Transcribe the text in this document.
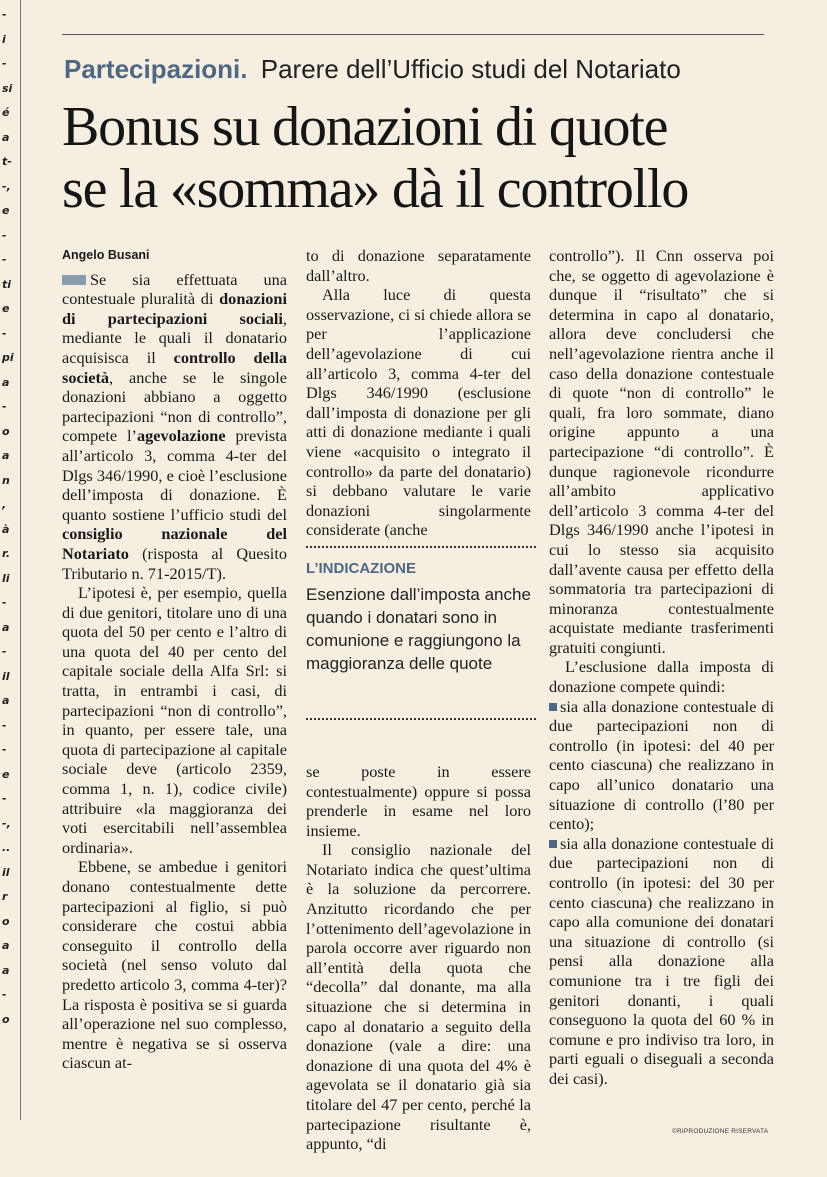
-
i
-
si
é
a
t-
-,
e
-
-
ti
e
-
pi
a
-
o
a
n
,
à
r.
li
-
a
-
il
a
-
-
e
-
-,
..
il
r
o
a
a
-
o
Partecipazioni. Parere dell’Ufficio studi del Notariato
Bonus su donazioni di quote
se la «somma» dà il controllo
Angelo Busani

Se sia effettuata una contestuale pluralità di donazioni di partecipazioni sociali, mediante le quali il donatario acquisisca il controllo della società, anche se le singole donazioni abbiano a oggetto partecipazioni “non di controllo”, compete l’agevolazione prevista all’articolo 3, comma 4-ter del Dlgs 346/1990, e cioè l’esclusione dell’imposta di donazione. È quanto sostiene l’ufficio studi del consiglio nazionale del Notariato (risposta al Quesito Tributario n. 71-2015/T).

L’ipotesi è, per esempio, quella di due genitori, titolare uno di una quota del 50 per cento e l’altro di una quota del 40 per cento del capitale sociale della Alfa Srl: si tratta, in entrambi i casi, di partecipazioni “non di controllo”, in quanto, per essere tale, una quota di partecipazione al capitale sociale deve (articolo 2359, comma 1, n. 1), codice civile) attribuire «la maggioranza dei voti esercitabili nell’assemblea ordinaria».

Ebbene, se ambedue i genitori donano contestualmente dette partecipazioni al figlio, si può considerare che costui abbia conseguito il controllo della società (nel senso voluto dal predetto articolo 3, comma 4-ter)? La risposta è positiva se si guarda all’operazione nel suo complesso, mentre è negativa se si osserva ciascun at-

to di donazione separatamente dall’altro.

Alla luce di questa osservazione, ci si chiede allora se per l’applicazione dell’agevolazione di cui all’articolo 3, comma 4-ter del Dlgs 346/1990 (esclusione dall’imposta di donazione per gli atti di donazione mediante i quali viene «acquisito o integrato il controllo» da parte del donatario) si debbano valutare le varie donazioni singolarmente considerate (anche

se poste in essere contestualmente) oppure si possa prenderle in esame nel loro insieme.

Il consiglio nazionale del Notariato indica che quest’ultima è la soluzione da percorrere. Anzitutto ricordando che per l’ottenimento dell’agevolazione in parola occorre aver riguardo non all’entità della quota che “decolla” dal donante, ma alla situazione che si determina in capo al donatario a seguito della donazione (vale a dire: una donazione di una quota del 4% è agevolata se il donatario già sia titolare del 47 per cento, perché la partecipazione risultante è, appunto, “di

L’INDICAZIONE
Esenzione dall’imposta anche quando i donatari sono in comunione e raggiungono la maggioranza delle quote

controllo”). Il Cnn osserva poi che, se oggetto di agevolazione è dunque il “risultato” che si determina in capo al donatario, allora deve concludersi che nell’agevolazione rientra anche il caso della donazione contestuale di quote “non di controllo” le quali, fra loro sommate, diano origine appunto a una partecipazione “di controllo”. È dunque ragionevole ricondurre all’ambito applicativo dell’articolo 3 comma 4-ter del Dlgs 346/1990 anche l’ipotesi in cui lo stesso sia acquisito dall’avente causa per effetto della sommatoria tra partecipazioni di minoranza contestualmente acquistate mediante trasferimenti gratuiti congiunti.

L’esclusione dalla imposta di donazione compete quindi:

sia alla donazione contestuale di due partecipazioni non di controllo (in ipotesi: del 40 per cento ciascuna) che realizzano in capo all’unico donatario una situazione di controllo (l’80 per cento);

sia alla donazione contestuale di due partecipazioni non di controllo (in ipotesi: del 30 per cento ciascuna) che realizzano in capo alla comunione dei donatari una situazione di controllo (si pensi alla donazione alla comunione tra i tre figli dei genitori donanti, i quali conseguono la quota del 60 % in comune e pro indiviso tra loro, in parti eguali o diseguali a seconda dei casi).

©RIPRODUZIONE RISERVATA
